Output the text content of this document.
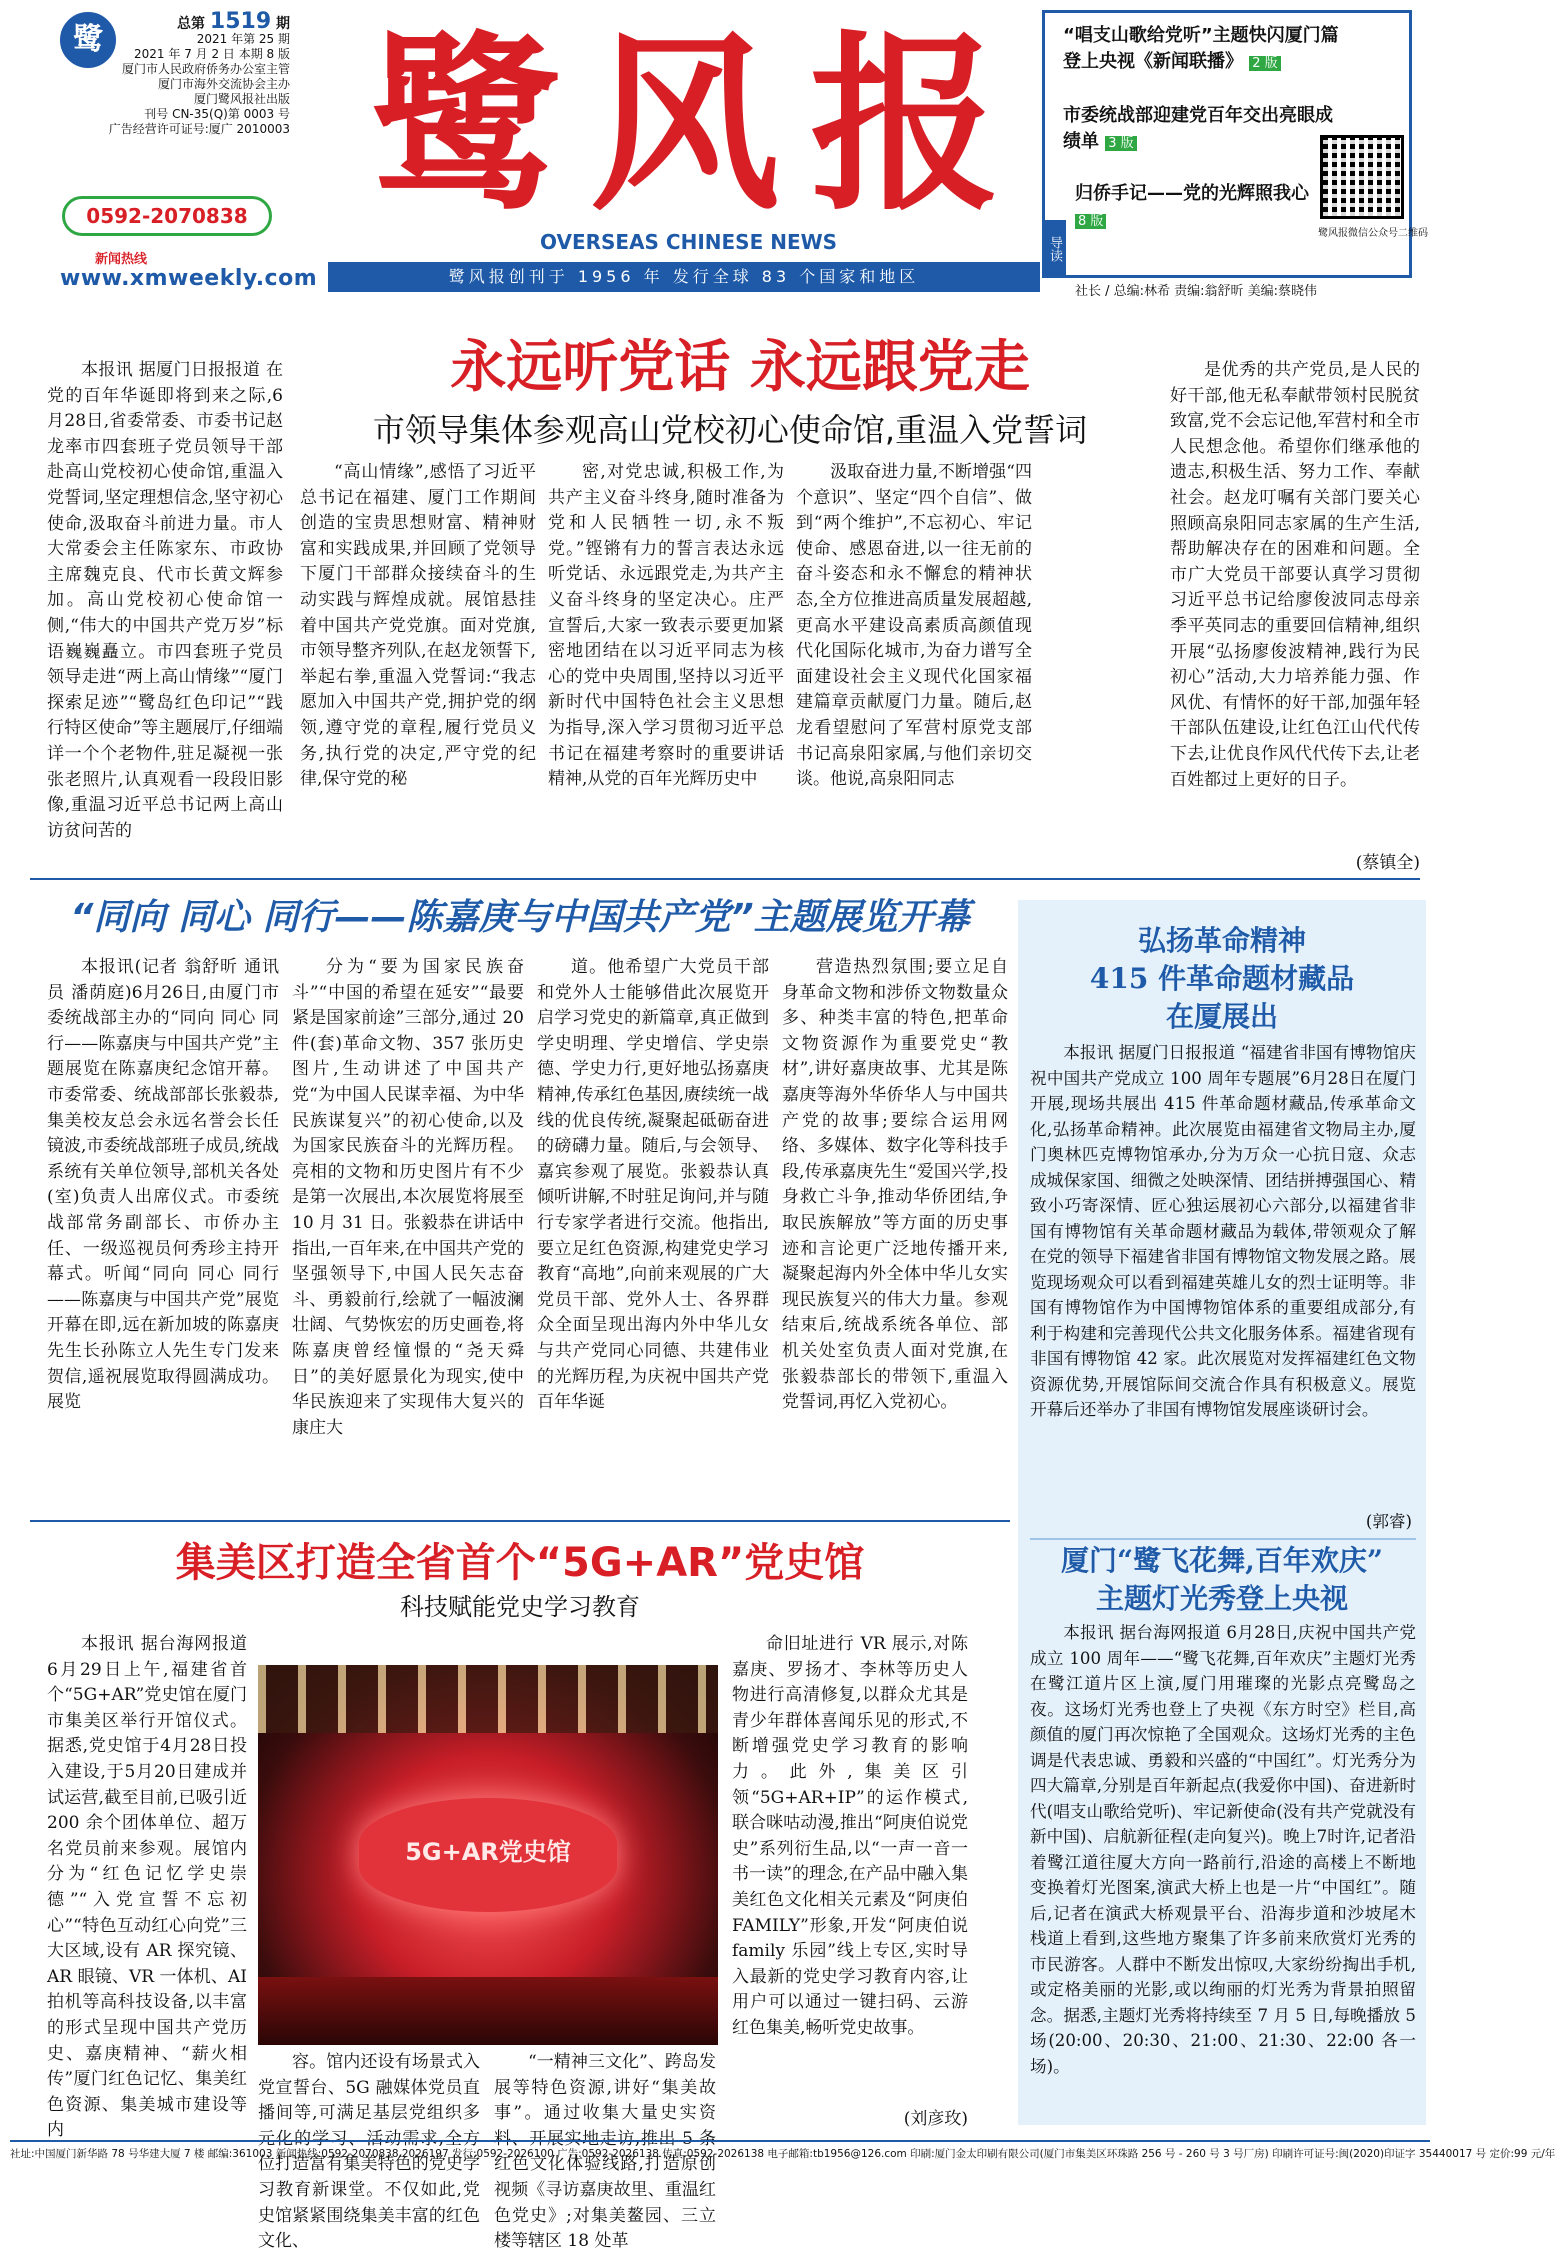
鹭	总第 1519 期
2021 年第 25 期
2021 年 7 月 2 日 本期 8 版
厦门市人民政府侨务办公室主管
厦门市海外交流协会主办
厦门鹭风报社出版
刊号 CN-35(Q)第 0003 号
广告经营许可证号:厦广 2010003
0592-2070838
新闻热线
www.xmweekly.com
鹭风报
OVERSEAS CHINESE NEWS
鹭风报创刊于 1956 年 发行全球 83 个国家和地区
“唱支山歌给党听”主题快闪厦门篇登上央视《新闻联播》 2 版
市委统战部迎建党百年交出亮眼成绩单 3 版
归侨手记——党的光辉照我心 8 版
导读
鹭风报微信公众号二维码
社长 / 总编:林希 责编:翁舒昕 美编:蔡晓伟
永远听党话 永远跟党走
市领导集体参观高山党校初心使命馆,重温入党誓词

本报讯 据厦门日报报道 在党的百年华诞即将到来之际,6月28日,省委常委、市委书记赵龙率市四套班子党员领导干部赴高山党校初心使命馆,重温入党誓词,坚定理想信念,坚守初心使命,汲取奋斗前进力量。市人大常委会主任陈家东、市政协主席魏克良、代市长黄文辉参加。高山党校初心使命馆一侧,“伟大的中国共产党万岁”标语巍巍矗立。市四套班子党员领导走进“两上高山情缘”“厦门探索足迹”“鹭岛红色印记”“践行特区使命”等主题展厅,仔细端详一个个老物件,驻足凝视一张张老照片,认真观看一段段旧影像,重温习近平总书记两上高山访贫问苦的

“高山情缘”,感悟了习近平总书记在福建、厦门工作期间创造的宝贵思想财富、精神财富和实践成果,并回顾了党领导下厦门干部群众接续奋斗的生动实践与辉煌成就。展馆悬挂着中国共产党党旗。面对党旗,市领导整齐列队,在赵龙领誓下,举起右拳,重温入党誓词:“我志愿加入中国共产党,拥护党的纲领,遵守党的章程,履行党员义务,执行党的决定,严守党的纪律,保守党的秘

密,对党忠诚,积极工作,为共产主义奋斗终身,随时准备为党和人民牺牲一切,永不叛党。”铿锵有力的誓言表达永远听党话、永远跟党走,为共产主义奋斗终身的坚定决心。庄严宣誓后,大家一致表示要更加紧密地团结在以习近平同志为核心的党中央周围,坚持以习近平新时代中国特色社会主义思想为指导,深入学习贯彻习近平总书记在福建考察时的重要讲话精神,从党的百年光辉历史中

汲取奋进力量,不断增强“四个意识”、坚定“四个自信”、做到“两个维护”,不忘初心、牢记使命、感恩奋进,以一往无前的奋斗姿态和永不懈怠的精神状态,全方位推进高质量发展超越,更高水平建设高素质高颜值现代化国际化城市,为奋力谱写全面建设社会主义现代化国家福建篇章贡献厦门力量。随后,赵龙看望慰问了军营村原党支部书记高泉阳家属,与他们亲切交谈。他说,高泉阳同志

是优秀的共产党员,是人民的好干部,他无私奉献带领村民脱贫致富,党不会忘记他,军营村和全市人民想念他。希望你们继承他的遗志,积极生活、努力工作、奉献社会。赵龙叮嘱有关部门要关心照顾高泉阳同志家属的生产生活,帮助解决存在的困难和问题。全市广大党员干部要认真学习贯彻习近平总书记给廖俊波同志母亲季平英同志的重要回信精神,组织开展“弘扬廖俊波精神,践行为民初心”活动,大力培养能力强、作风优、有情怀的好干部,加强年轻干部队伍建设,让红色江山代代传下去,让优良作风代代传下去,让老百姓都过上更好的日子。

(蔡镇全)
“同向 同心 同行——陈嘉庚与中国共产党”主题展览开幕

本报讯(记者 翁舒昕 通讯员 潘荫庭)6月26日,由厦门市委统战部主办的“同向 同心 同行——陈嘉庚与中国共产党”主题展览在陈嘉庚纪念馆开幕。市委常委、统战部部长张毅恭,集美校友总会永远名誉会长任镜波,市委统战部班子成员,统战系统有关单位领导,部机关各处(室)负责人出席仪式。市委统战部常务副部长、市侨办主任、一级巡视员何秀珍主持开幕式。听闻“同向 同心 同行——陈嘉庚与中国共产党”展览开幕在即,远在新加坡的陈嘉庚先生长孙陈立人先生专门发来贺信,遥祝展览取得圆满成功。展览

分为“要为国家民族奋斗”“中国的希望在延安”“最要紧是国家前途”三部分,通过 20 件(套)革命文物、357 张历史图片,生动讲述了中国共产党“为中国人民谋幸福、为中华民族谋复兴”的初心使命,以及为国家民族奋斗的光辉历程。亮相的文物和历史图片有不少是第一次展出,本次展览将展至 10 月 31 日。张毅恭在讲话中指出,一百年来,在中国共产党的坚强领导下,中国人民矢志奋斗、勇毅前行,绘就了一幅波澜壮阔、气势恢宏的历史画卷,将陈嘉庚曾经憧憬的“尧天舜日”的美好愿景化为现实,使中华民族迎来了实现伟大复兴的康庄大

道。他希望广大党员干部和党外人士能够借此次展览开启学习党史的新篇章,真正做到学史明理、学史增信、学史崇德、学史力行,更好地弘扬嘉庚精神,传承红色基因,赓续统一战线的优良传统,凝聚起砥砺奋进的磅礴力量。随后,与会领导、嘉宾参观了展览。张毅恭认真倾听讲解,不时驻足询问,并与随行专家学者进行交流。他指出,要立足红色资源,构建党史学习教育“高地”,向前来观展的广大党员干部、党外人士、各界群众全面呈现出海内外中华儿女与共产党同心同德、共建伟业的光辉历程,为庆祝中国共产党百年华诞

营造热烈氛围;要立足自身革命文物和涉侨文物数量众多、种类丰富的特色,把革命文物资源作为重要党史“教材”,讲好嘉庚故事、尤其是陈嘉庚等海外华侨华人与中国共产党的故事;要综合运用网络、多媒体、数字化等科技手段,传承嘉庚先生“爱国兴学,投身救亡斗争,推动华侨团结,争取民族解放”等方面的历史事迹和言论更广泛地传播开来,凝聚起海内外全体中华儿女实现民族复兴的伟大力量。参观结束后,统战系统各单位、部机关处室负责人面对党旗,在张毅恭部长的带领下,重温入党誓词,再忆入党初心。

弘扬革命精神
415 件革命题材藏品
在厦展出

本报讯 据厦门日报报道 “福建省非国有博物馆庆祝中国共产党成立 100 周年专题展”6月28日在厦门开展,现场共展出 415 件革命题材藏品,传承革命文化,弘扬革命精神。此次展览由福建省文物局主办,厦门奥林匹克博物馆承办,分为万众一心抗日寇、众志成城保家国、细微之处映深情、团结拼搏强国心、精致小巧寄深情、匠心独运展初心六部分,以福建省非国有博物馆有关革命题材藏品为载体,带领观众了解在党的领导下福建省非国有博物馆文物发展之路。展览现场观众可以看到福建英雄儿女的烈士证明等。非国有博物馆作为中国博物馆体系的重要组成部分,有利于构建和完善现代公共文化服务体系。福建省现有非国有博物馆 42 家。此次展览对发挥福建红色文物资源优势,开展馆际间交流合作具有积极意义。展览开幕后还举办了非国有博物馆发展座谈研讨会。

(郭睿)
厦门“鹭飞花舞,百年欢庆”
主题灯光秀登上央视

本报讯 据台海网报道 6月28日,庆祝中国共产党成立 100 周年——“鹭飞花舞,百年欢庆”主题灯光秀在鹭江道片区上演,厦门用璀璨的光影点亮鹭岛之夜。这场灯光秀也登上了央视《东方时空》栏目,高颜值的厦门再次惊艳了全国观众。这场灯光秀的主色调是代表忠诚、勇毅和兴盛的“中国红”。灯光秀分为四大篇章,分别是百年新起点(我爱你中国)、奋进新时代(唱支山歌给党听)、牢记新使命(没有共产党就没有新中国)、启航新征程(走向复兴)。晚上7时许,记者沿着鹭江道往厦大方向一路前行,沿途的高楼上不断地变换着灯光图案,演武大桥上也是一片“中国红”。随后,记者在演武大桥观景平台、沿海步道和沙坡尾木栈道上看到,这些地方聚集了许多前来欣赏灯光秀的市民游客。人群中不断发出惊叹,大家纷纷掏出手机,或定格美丽的光影,或以绚丽的灯光秀为背景拍照留念。据悉,主题灯光秀将持续至 7 月 5 日,每晚播放 5 场(20:00、20:30、21:00、21:30、22:00 各一场)。

集美区打造全省首个“5G+AR”党史馆
科技赋能党史学习教育

本报讯 据台海网报道 6月29日上午,福建省首个“5G+AR”党史馆在厦门市集美区举行开馆仪式。据悉,党史馆于4月28日投入建设,于5月20日建成并试运营,截至目前,已吸引近 200 余个团体单位、超万名党员前来参观。展馆内分为“红色记忆学史崇德”“入党宣誓不忘初心”“特色互动红心向党”三大区域,设有 AR 探究镜、AR 眼镜、VR 一体机、AI 拍机等高科技设备,以丰富的形式呈现中国共产党历史、嘉庚精神、“薪火相传”厦门红色记忆、集美红色资源、集美城市建设等内

5G+AR党史馆

容。馆内还设有场景式入党宣誓台、5G 融媒体党员直播间等,可满足基层党组织多元化的学习、活动需求,全方位打造富有集美特色的党史学习教育新课堂。不仅如此,党史馆紧紧围绕集美丰富的红色文化、

“一精神三文化”、跨岛发展等特色资源,讲好“集美故事”。通过收集大量史实资料、开展实地走访,推出 5 条红色文化体验线路,打造原创视频《寻访嘉庚故里、重温红色党史》;对集美鳌园、三立楼等辖区 18 处革

命旧址进行 VR 展示,对陈嘉庚、罗扬才、李林等历史人物进行高清修复,以群众尤其是青少年群体喜闻乐见的形式,不断增强党史学习教育的影响力。此外,集美区引领“5G+AR+IP”的运作模式,联合咪咕动漫,推出“阿庚伯说党史”系列衍生品,以“一声一音一书一读”的理念,在产品中融入集美红色文化相关元素及“阿庚伯FAMILY”形象,开发“阿庚伯说 family 乐园”线上专区,实时导入最新的党史学习教育内容,让用户可以通过一键扫码、云游红色集美,畅听党史故事。

(刘彦玫)
社址:中国厦门新华路 78 号华建大厦 7 楼 邮编:361003 新闻热线:0592-2070838 2026197 发行:0592-2026100 广告:0592-2026138 传真:0592-2026138 电子邮箱:tb1956@126.com 印刷:厦门金太印刷有限公司(厦门市集美区环珠路 256 号 - 260 号 3 号厂房) 印刷许可证号:闽(2020)印证字 35440017 号 定价:99 元/年
